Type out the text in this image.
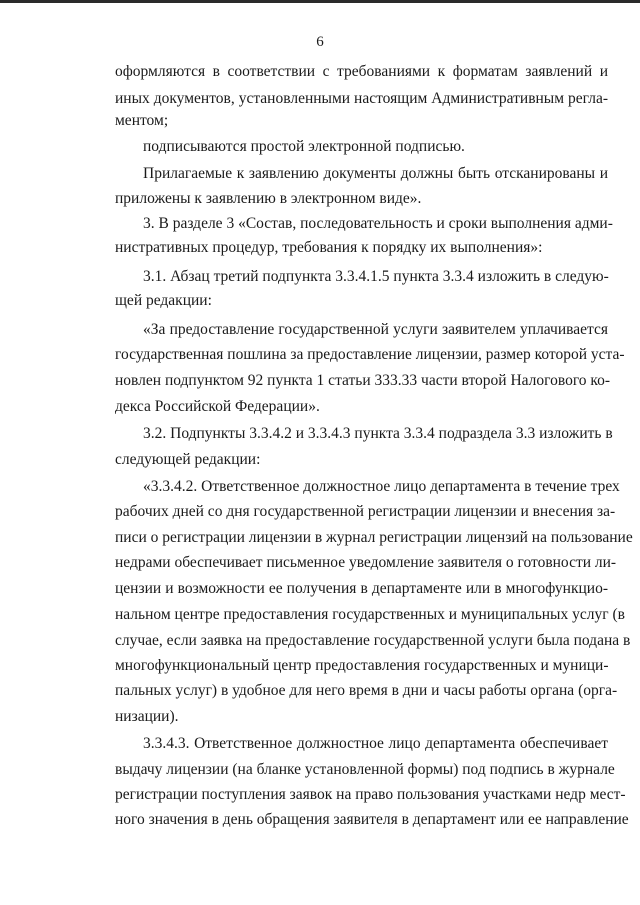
6
оформляются в соответствии с требованиями к форматам заявлений и
иных документов, установленными настоящим Административным регла-
ментом;
подписываются простой электронной подписью.
Прилагаемые к заявлению документы должны быть отсканированы и
приложены к заявлению в электронном виде».
3. В разделе 3 «Состав, последовательность и сроки выполнения адми-
нистративных процедур, требования к порядку их выполнения»:
3.1. Абзац третий подпункта 3.3.4.1.5 пункта 3.3.4 изложить в следую-
щей редакции:
«За предоставление государственной услуги заявителем уплачивается
государственная пошлина за предоставление лицензии, размер которой уста-
новлен подпунктом 92 пункта 1 статьи 333.33 части второй Налогового ко-
декса Российской Федерации».
3.2. Подпункты 3.3.4.2 и 3.3.4.3 пункта 3.3.4 подраздела 3.3 изложить в
следующей редакции:
«3.3.4.2. Ответственное должностное лицо департамента в течение трех
рабочих дней со дня государственной регистрации лицензии и внесения за-
писи о регистрации лицензии в журнал регистрации лицензий на пользование
недрами обеспечивает письменное уведомление заявителя о готовности ли-
цензии и возможности ее получения в департаменте или в многофункцио-
нальном центре предоставления государственных и муниципальных услуг (в
случае, если заявка на предоставление государственной услуги была подана в
многофункциональный центр предоставления государственных и муници-
пальных услуг) в удобное для него время в дни и часы работы органа (орга-
низации).
3.3.4.3. Ответственное должностное лицо департамента обеспечивает
выдачу лицензии (на бланке установленной формы) под подпись в журнале
регистрации поступления заявок на право пользования участками недр мест-
ного значения в день обращения заявителя в департамент или ее направление
